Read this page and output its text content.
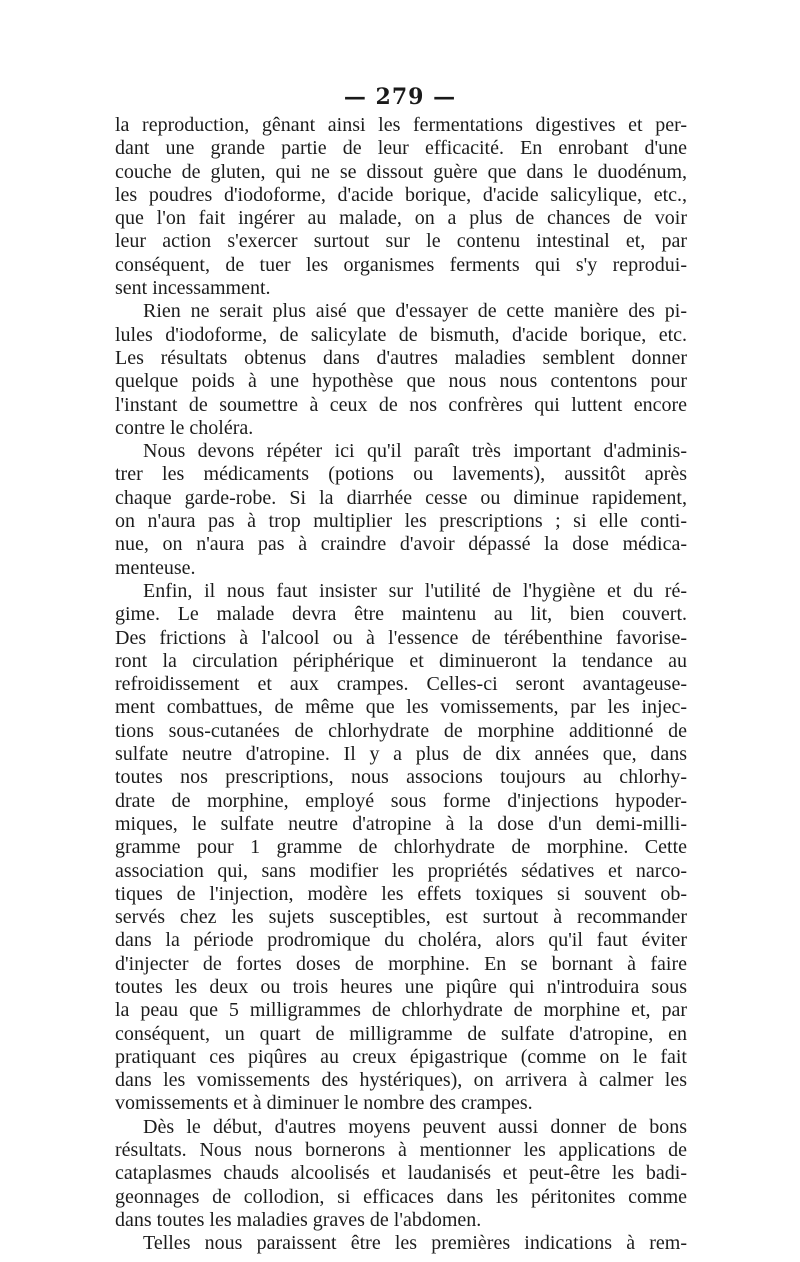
— 279 —
la reproduction, gênant ainsi les fermentations digestives et per-
dant une grande partie de leur efficacité. En enrobant d'une
couche de gluten, qui ne se dissout guère que dans le duodénum,
les poudres d'iodoforme, d'acide borique, d'acide salicylique, etc.,
que l'on fait ingérer au malade, on a plus de chances de voir
leur action s'exercer surtout sur le contenu intestinal et, par
conséquent, de tuer les organismes ferments qui s'y reprodui-
sent incessamment.
Rien ne serait plus aisé que d'essayer de cette manière des pi-
lules d'iodoforme, de salicylate de bismuth, d'acide borique, etc.
Les résultats obtenus dans d'autres maladies semblent donner
quelque poids à une hypothèse que nous nous contentons pour
l'instant de soumettre à ceux de nos confrères qui luttent encore
contre le choléra.
Nous devons répéter ici qu'il paraît très important d'adminis-
trer les médicaments (potions ou lavements), aussitôt après
chaque garde-robe. Si la diarrhée cesse ou diminue rapidement,
on n'aura pas à trop multiplier les prescriptions ; si elle conti-
nue, on n'aura pas à craindre d'avoir dépassé la dose médica-
menteuse.
Enfin, il nous faut insister sur l'utilité de l'hygiène et du ré-
gime. Le malade devra être maintenu au lit, bien couvert.
Des frictions à l'alcool ou à l'essence de térébenthine favorise-
ront la circulation périphérique et diminueront la tendance au
refroidissement et aux crampes. Celles-ci seront avantageuse-
ment combattues, de même que les vomissements, par les injec-
tions sous-cutanées de chlorhydrate de morphine additionné de
sulfate neutre d'atropine. Il y a plus de dix années que, dans
toutes nos prescriptions, nous associons toujours au chlorhy-
drate de morphine, employé sous forme d'injections hypoder-
miques, le sulfate neutre d'atropine à la dose d'un demi-milli-
gramme pour 1 gramme de chlorhydrate de morphine. Cette
association qui, sans modifier les propriétés sédatives et narco-
tiques de l'injection, modère les effets toxiques si souvent ob-
servés chez les sujets susceptibles, est surtout à recommander
dans la période prodromique du choléra, alors qu'il faut éviter
d'injecter de fortes doses de morphine. En se bornant à faire
toutes les deux ou trois heures une piqûre qui n'introduira sous
la peau que 5 milligrammes de chlorhydrate de morphine et, par
conséquent, un quart de milligramme de sulfate d'atropine, en
pratiquant ces piqûres au creux épigastrique (comme on le fait
dans les vomissements des hystériques), on arrivera à calmer les
vomissements et à diminuer le nombre des crampes.
Dès le début, d'autres moyens peuvent aussi donner de bons
résultats. Nous nous bornerons à mentionner les applications de
cataplasmes chauds alcoolisés et laudanisés et peut-être les badi-
geonnages de collodion, si efficaces dans les péritonites comme
dans toutes les maladies graves de l'abdomen.
Telles nous paraissent être les premières indications à rem-
